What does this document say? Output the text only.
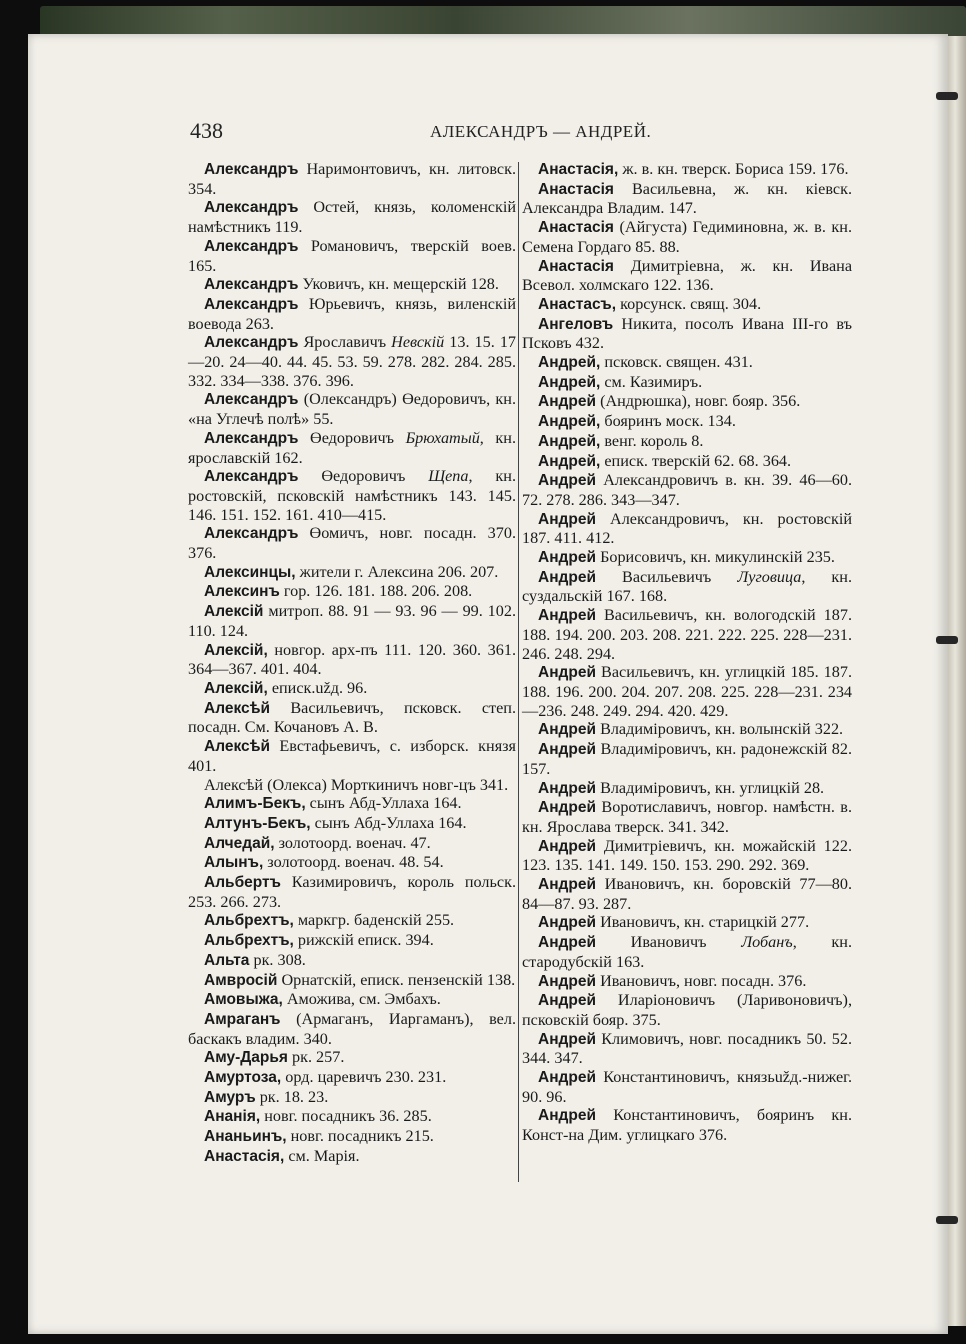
438	АЛЕКСАНДРЪ — АНДРЕЙ.

Александръ Наримонтовичъ, кн. литовск. 354.

Александръ Остей, князь, коломенскій намѣстникъ 119.

Александръ Романовичъ, тверскій воев. 165.

Александръ Уковичъ, кн. мещерскій 128.

Александръ Юрьевичъ, князь, виленскій воевода 263.

Александръ Ярославичъ Невскій 13. 15. 17—20. 24—40. 44. 45. 53. 59. 278. 282. 284. 285. 332. 334—338. 376. 396.

Александръ (Олександръ) Өедоровичъ, кн. «на Углечѣ полѣ» 55.

Александръ Өедоровичъ Брюхатый, кн. ярославскій 162.

Александръ Өедоровичъ Щепа, кн. ростовскій, псковскій намѣстникъ 143. 145. 146. 151. 152. 161. 410—415.

Александръ Өомичъ, новг. посадн. 370. 376.

Алексинцы, жители г. Алексина 206. 207.

Алексинъ гор. 126. 181. 188. 206. 208.

Алексій митроп. 88. 91 — 93. 96 — 99. 102. 110. 124.

Алексій, новгор. арх-пъ 111. 120. 360. 361. 364—367. 401. 404.

Алексій, еписк.užд. 96.

Алексѣй Васильевичъ, псковск. степ. посадн. См. Кочановъ А. В.

Алексѣй Евстафьевичъ, с. изборск. князя 401.

Алексѣй (Олекса) Морткиничъ новг-цъ 341.

Алимъ-Бекъ, сынъ Абд-Уллаха 164.

Алтунъ-Бекъ, сынъ Абд-Уллаха 164.

Алчедай, золотоорд. военач. 47.

Алынъ, золотоорд. военач. 48. 54.

Альбертъ Казимировичъ, король польск. 253. 266. 273.

Альбрехтъ, маркгр. баденскій 255.

Альбрехтъ, рижскій еписк. 394.

Альта рк. 308.

Амвросій Орнатскій, еписк. пензенскій 138.

Амовыжа, Аможива, см. Эмбахъ.

Амраганъ (Армаганъ, Иаргаманъ), вел. баскакъ владим. 340.

Аму-Дарья рк. 257.

Амуртоза, орд. царевичъ 230. 231.

Амуръ рк. 18. 23.

Ананія, новг. посадникъ 36. 285.

Ананьинъ, новг. посадникъ 215.

Анастасія, см. Марія.

Анастасія, ж. в. кн. тверск. Бориса 159. 176.

Анастасія Васильевна, ж. кн. кіевск. Александра Владим. 147.

Анастасія (Айгуста) Гедиминовна, ж. в. кн. Семена Гордаго 85. 88.

Анастасія Димитріевна, ж. кн. Ивана Всевол. холмскаго 122. 136.

Анастасъ, корсунск. свящ. 304.

Ангеловъ Никита, посолъ Ивана III-го въ Псковъ 432.

Андрей, псковск. священ. 431.

Андрей, см. Казимиръ.

Андрей (Андрюшка), новг. бояр. 356.

Андрей, бояринъ моск. 134.

Андрей, венг. король 8.

Андрей, еписк. тверскій 62. 68. 364.

Андрей Александровичъ в. кн. 39. 46—60. 72. 278. 286. 343—347.

Андрей Александровичъ, кн. ростовскій 187. 411. 412.

Андрей Борисовичъ, кн. микулинскій 235.

Андрей Васильевичъ Луговица, кн. суздальскій 167. 168.

Андрей Васильевичъ, кн. вологодскій 187. 188. 194. 200. 203. 208. 221. 222. 225. 228—231. 246. 248. 294.

Андрей Васильевичъ, кн. углицкій 185. 187. 188. 196. 200. 204. 207. 208. 225. 228—231. 234—236. 248. 249. 294. 420. 429.

Андрей Владиміровичъ, кн. волынскій 322.

Андрей Владиміровичъ, кн. радонежскій 82. 157.

Андрей Владиміровичъ, кн. углицкій 28.

Андрей Воротиславичъ, новгор. намѣстн. в. кн. Ярослава тверск. 341. 342.

Андрей Димитріевичъ, кн. можайскій 122. 123. 135. 141. 149. 150. 153. 290. 292. 369.

Андрей Ивановичъ, кн. боровскій 77—80. 84—87. 93. 287.

Андрей Ивановичъ, кн. старицкій 277.

Андрей Ивановичъ Лобанъ, кн. стародубскій 163.

Андрей Ивановичъ, новг. посадн. 376.

Андрей Иларіоновичъ (Ларивоновичъ), псковскій бояр. 375.

Андрей Климовичъ, новг. посадникъ 50. 52. 344. 347.

Андрей Константиновичъ, князьužд.-нижег. 90. 96.

Андрей Константиновичъ, бояринъ кн. Конст-на Дим. углицкаго 376.
